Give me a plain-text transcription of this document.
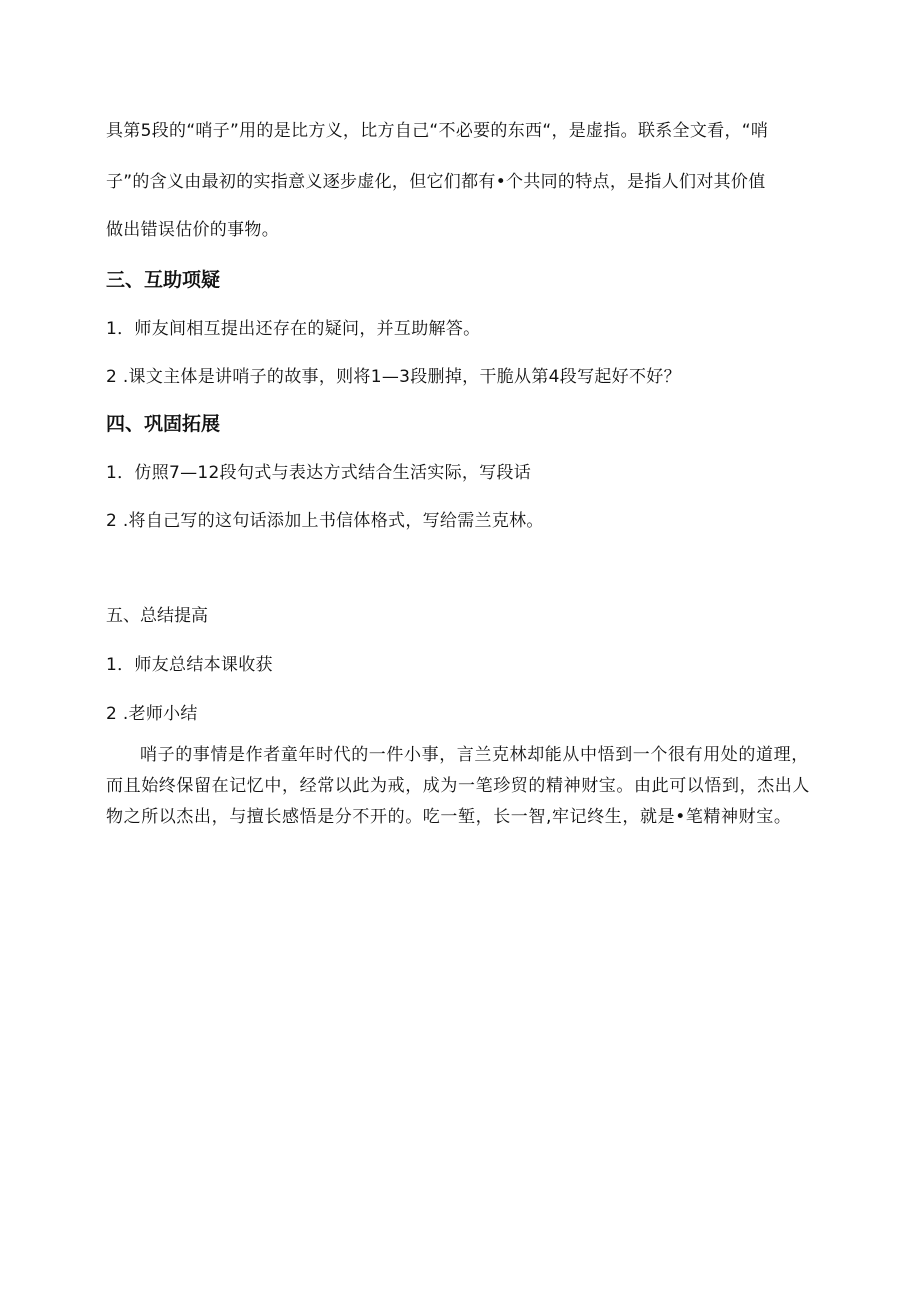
具第5段的“哨子”用的是比方义，比方自己“不必要的东西“，是虚指。联系全文看，“哨
子”的含义由最初的实指意义逐步虚化，但它们都有•个共同的特点，是指人们对其价值
做出错误估价的事物。
三、互助项疑
1．师友间相互提出还存在的疑问，并互助解答。
2 .课文主体是讲哨子的故事，则将1—3段删掉，干脆从第4段写起好不好？
四、巩固拓展
1．仿照7—12段句式与表达方式结合生活实际，写段话
2 .将自己写的这句话添加上书信体格式，写给需兰克林。
五、总结提高
1．师友总结本课收获
2 .老师小结
哨子的事情是作者童年时代的一件小事，言兰克林却能从中悟到一个很有用处的道理，而且始终保留在记忆中，经常以此为戒，成为一笔珍贸的精神财宝。由此可以悟到，杰出人物之所以杰出，与擅长感悟是分不开的。吃一堑，长一智,牢记终生，就是•笔精神财宝。
